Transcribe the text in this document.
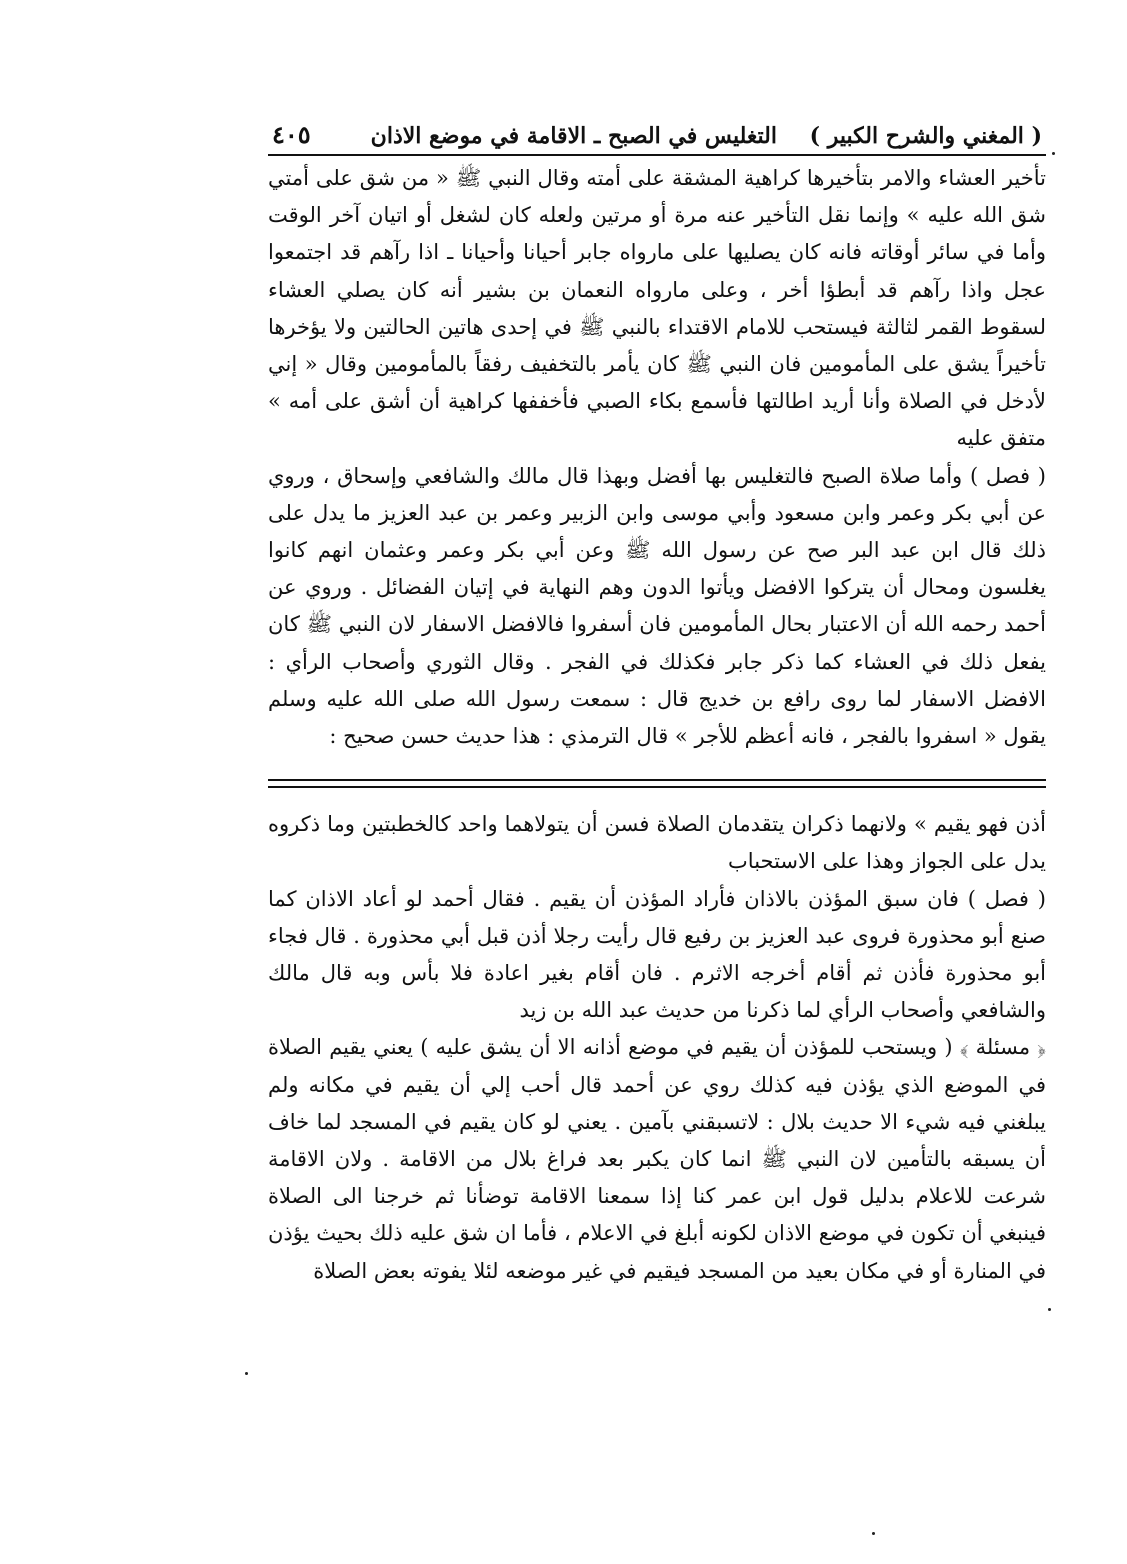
( المغني والشرح الكبير )
التغليس في الصبح ـ الاقامة في موضع الاذان
٤٠٥

تأخير العشاء والامر بتأخيرها كراهية المشقة على أمته وقال النبي ﷺ « من شق على أمتي شق الله عليه » وإنما نقل التأخير عنه مرة أو مرتين ولعله كان لشغل أو اتيان آخر الوقت وأما في سائر أوقاته فانه كان يصليها على مارواه جابر أحيانا وأحيانا ـ اذا رآهم قد اجتمعوا عجل واذا رآهم قد أبطؤا أخر ، وعلى مارواه النعمان بن بشير أنه كان يصلي العشاء لسقوط القمر لثالثة فيستحب للامام الاقتداء بالنبي ﷺ في إحدى هاتين الحالتين ولا يؤخرها تأخيراً يشق على المأمومين فان النبي ﷺ كان يأمر بالتخفيف رفقاً بالمأمومين وقال « إني لأدخل في الصلاة وأنا أريد اطالتها فأسمع بكاء الصبي فأخففها كراهية أن أشق على أمه » متفق عليه

( فصل ) وأما صلاة الصبح فالتغليس بها أفضل وبهذا قال مالك والشافعي وإسحاق ، وروي عن أبي بكر وعمر وابن مسعود وأبي موسى وابن الزبير وعمر بن عبد العزيز ما يدل على ذلك قال ابن عبد البر صح عن رسول الله ﷺ وعن أبي بكر وعمر وعثمان انهم كانوا يغلسون ومحال أن يتركوا الافضل ويأتوا الدون وهم النهاية في إتيان الفضائل . وروي عن أحمد رحمه الله أن الاعتبار بحال المأمومين فان أسفروا فالافضل الاسفار لان النبي ﷺ كان يفعل ذلك في العشاء كما ذكر جابر فكذلك في الفجر . وقال الثوري وأصحاب الرأي : الافضل الاسفار لما روى رافع بن خديج قال : سمعت رسول الله صلى الله عليه وسلم يقول « اسفروا بالفجر ، فانه أعظم للأجر » قال الترمذي : هذا حديث حسن صحيح :

أذن فهو يقيم » ولانهما ذكران يتقدمان الصلاة فسن أن يتولاهما واحد كالخطبتين وما ذكروه يدل على الجواز وهذا على الاستحباب

( فصل ) فان سبق المؤذن بالاذان فأراد المؤذن أن يقيم . فقال أحمد لو أعاد الاذان كما صنع أبو محذورة فروى عبد العزيز بن رفيع قال رأيت رجلا أذن قبل أبي محذورة . قال فجاء أبو محذورة فأذن ثم أقام أخرجه الاثرم . فان أقام بغير اعادة فلا بأس وبه قال مالك والشافعي وأصحاب الرأي لما ذكرنا من حديث عبد الله بن زيد

﴿ مسئلة ﴾ ( ويستحب للمؤذن أن يقيم في موضع أذانه الا أن يشق عليه ) يعني يقيم الصلاة في الموضع الذي يؤذن فيه كذلك روي عن أحمد قال أحب إلي أن يقيم في مكانه ولم يبلغني فيه شيء الا حديث بلال : لاتسبقني بآمين . يعني لو كان يقيم في المسجد لما خاف أن يسبقه بالتأمين لان النبي ﷺ انما كان يكبر بعد فراغ بلال من الاقامة . ولان الاقامة شرعت للاعلام بدليل قول ابن عمر كنا إذا سمعنا الاقامة توضأنا ثم خرجنا الى الصلاة فينبغي أن تكون في موضع الاذان لكونه أبلغ في الاعلام ، فأما ان شق عليه ذلك بحيث يؤذن في المنارة أو في مكان بعيد من المسجد فيقيم في غير موضعه لئلا يفوته بعض الصلاة
